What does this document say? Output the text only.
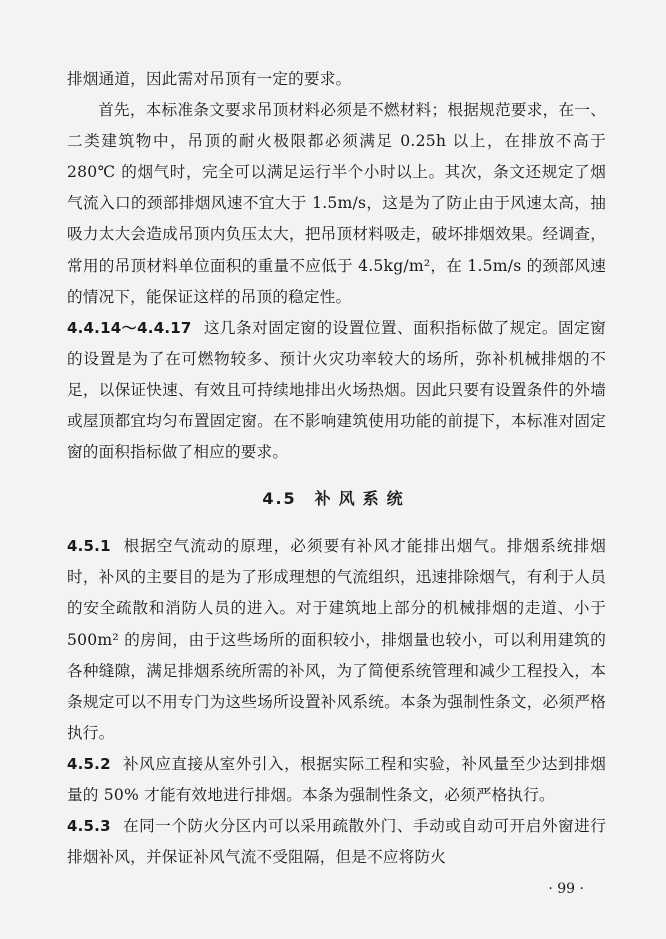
排烟通道，因此需对吊顶有一定的要求。

首先，本标准条文要求吊顶材料必须是不燃材料；根据规范要求，在一、二类建筑物中，吊顶的耐火极限都必须满足 0.25h 以上，在排放不高于 280℃ 的烟气时，完全可以满足运行半个小时以上。其次，条文还规定了烟气流入口的颈部排烟风速不宜大于 1.5m/s，这是为了防止由于风速太高，抽吸力太大会造成吊顶内负压太大，把吊顶材料吸走，破坏排烟效果。经调查，常用的吊顶材料单位面积的重量不应低于 4.5kg/m²，在 1.5m/s 的颈部风速的情况下，能保证这样的吊顶的稳定性。

4.4.14～4.4.17 这几条对固定窗的设置位置、面积指标做了规定。固定窗的设置是为了在可燃物较多、预计火灾功率较大的场所，弥补机械排烟的不足，以保证快速、有效且可持续地排出火场热烟。因此只要有设置条件的外墙或屋顶都宜均匀布置固定窗。在不影响建筑使用功能的前提下，本标准对固定窗的面积指标做了相应的要求。

4.5 补风系统

4.5.1 根据空气流动的原理，必须要有补风才能排出烟气。排烟系统排烟时，补风的主要目的是为了形成理想的气流组织，迅速排除烟气，有利于人员的安全疏散和消防人员的进入。对于建筑地上部分的机械排烟的走道、小于 500m² 的房间，由于这些场所的面积较小，排烟量也较小，可以利用建筑的各种缝隙，满足排烟系统所需的补风，为了简便系统管理和减少工程投入，本条规定可以不用专门为这些场所设置补风系统。本条为强制性条文，必须严格执行。

4.5.2 补风应直接从室外引入，根据实际工程和实验，补风量至少达到排烟量的 50% 才能有效地进行排烟。本条为强制性条文，必须严格执行。

4.5.3 在同一个防火分区内可以采用疏散外门、手动或自动可开启外窗进行排烟补风，并保证补风气流不受阻隔，但是不应将防火

· 99 ·
